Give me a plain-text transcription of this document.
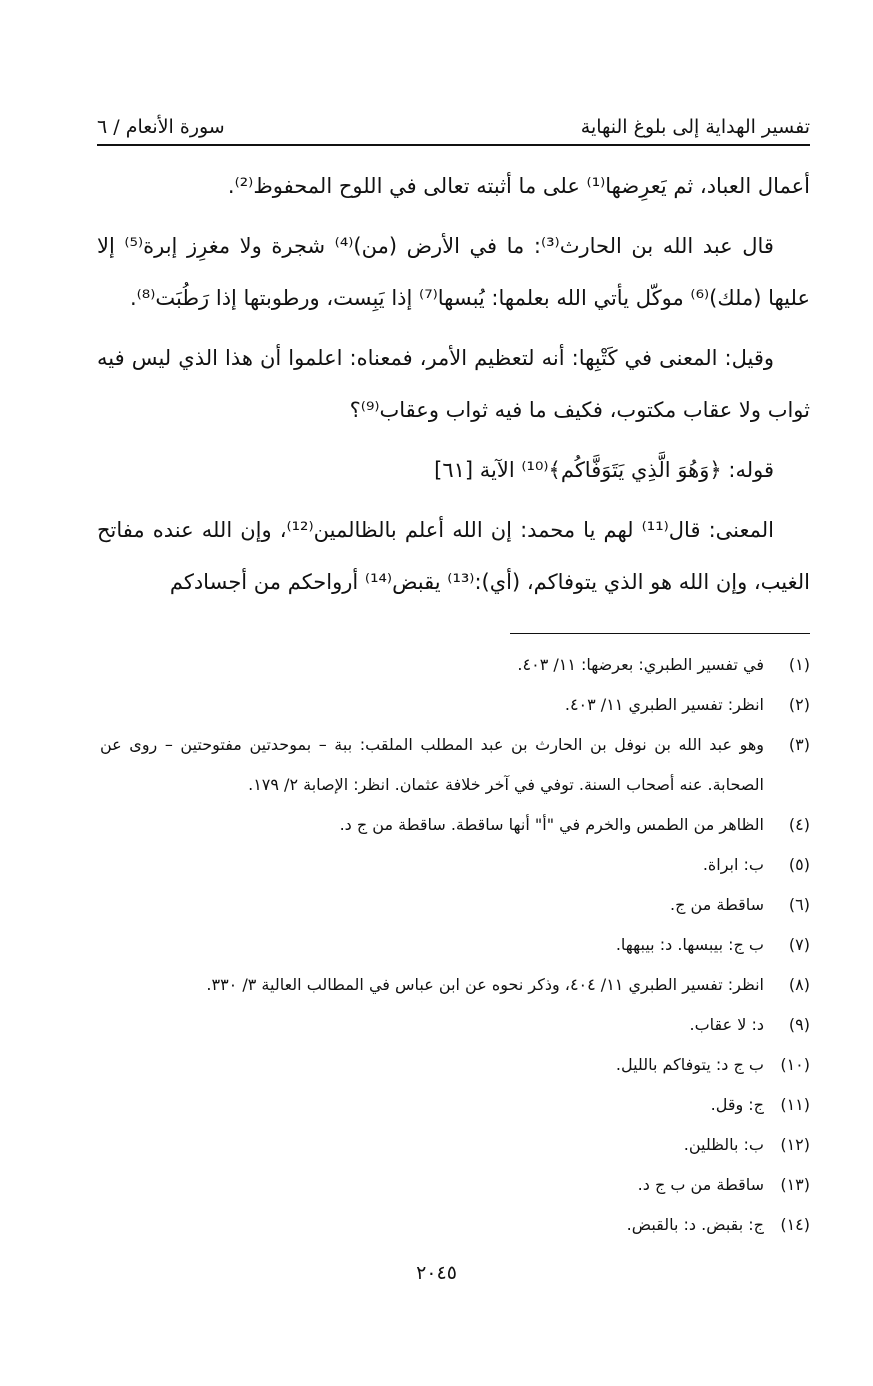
تفسير الهداية إلى بلوغ النهاية
سورة الأنعام / ٦

أعمال العباد، ثم يَعرِضها⁽¹⁾ على ما أثبته تعالى في اللوح المحفوظ⁽²⁾.

قال عبد الله بن الحارث⁽³⁾: ما في الأرض (من)⁽⁴⁾ شجرة ولا مغرِز إبرة⁽⁵⁾ إلا عليها (ملك)⁽⁶⁾ موكّل يأتي الله بعلمها: يُبسها⁽⁷⁾ إذا يَبِست، ورطوبتها إذا رَطُبَت⁽⁸⁾.

وقيل: المعنى في كَتْبِها: أنه لتعظيم الأمر، فمعناه: اعلموا أن هذا الذي ليس فيه ثواب ولا عقاب مكتوب، فكيف ما فيه ثواب وعقاب⁽⁹⁾؟

قوله: ﴿وَهُوَ الَّذِي يَتَوَفَّاكُم﴾⁽¹⁰⁾ الآية [٦١]

المعنى: قال⁽¹¹⁾ لهم يا محمد: إن الله أعلم بالظالمين⁽¹²⁾، وإن الله عنده مفاتح الغيب، وإن الله هو الذي يتوفاكم، (أي):⁽¹³⁾ يقبض⁽¹⁴⁾ أرواحكم من أجسادكم

(١)
في تفسير الطبري: بعرضها: ١١/ ٤٠٣.
(٢)
انظر: تفسير الطبري ١١/ ٤٠٣.
(٣)
وهو عبد الله بن نوفل بن الحارث بن عبد المطلب الملقب: ببة – بموحدتين مفتوحتين – روى عن الصحابة. عنه أصحاب السنة. توفي في آخر خلافة عثمان. انظر: الإصابة ٢/ ١٧٩.
(٤)
الظاهر من الطمس والخرم في "أ" أنها ساقطة. ساقطة من ج د.
(٥)
ب: ابراة.
(٦)
ساقطة من ج.
(٧)
ب ج: بيبسها. د: بيبهها.
(٨)
انظر: تفسير الطبري ١١/ ٤٠٤، وذكر نحوه عن ابن عباس في المطالب العالية ٣/ ٣٣٠.
(٩)
د: لا عقاب.
(١٠)
ب ج د: يتوفاكم بالليل.
(١١)
ج: وقل.
(١٢)
ب: بالظلين.
(١٣)
ساقطة من ب ج د.
(١٤)
ج: بقبض. د: بالقبض.
٢٠٤٥
